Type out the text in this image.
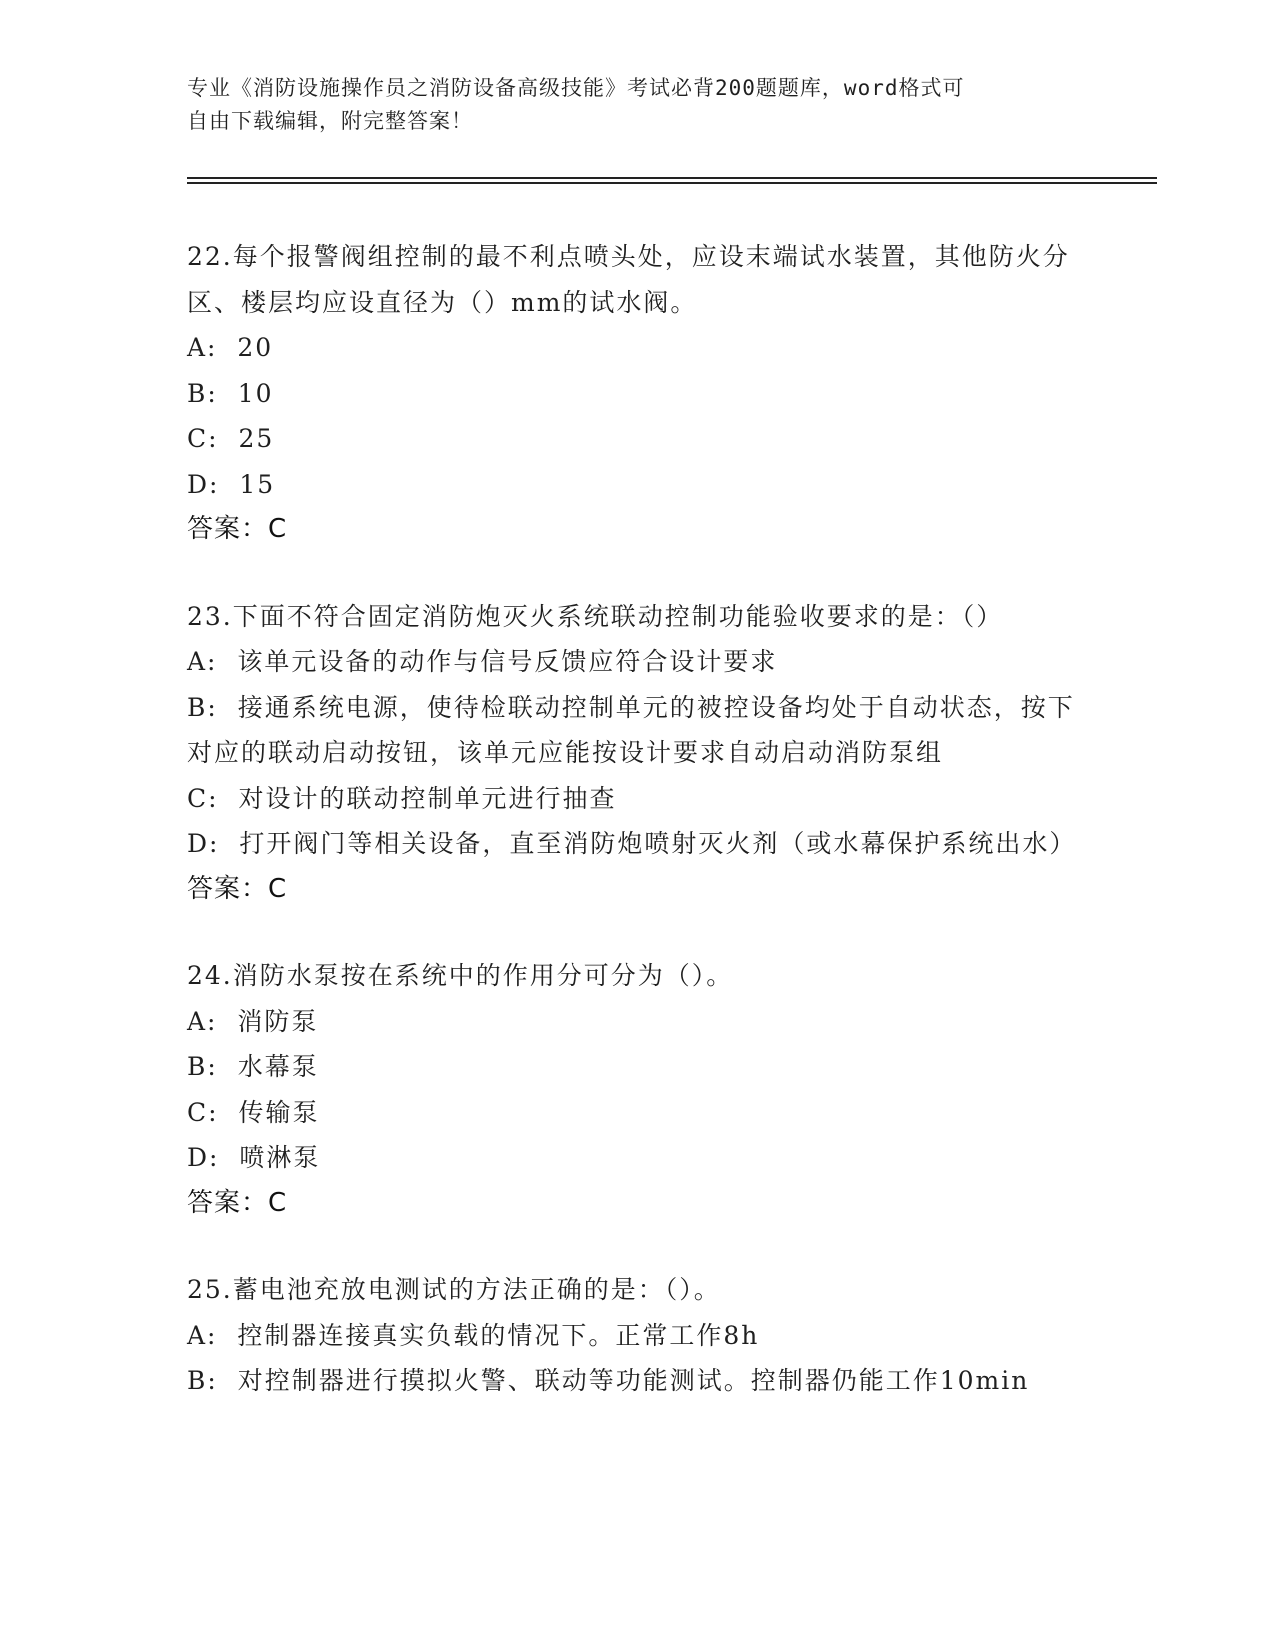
专业《消防设施操作员之消防设备高级技能》考试必背200题题库，word格式可
自由下载编辑，附完整答案！
22.每个报警阀组控制的最不利点喷头处，应设末端试水装置，其他防火分区、楼层均应设直径为（）mm的试水阀。
A:  20
B:  10
C:  25
D:  15
答案：C
23.下面不符合固定消防炮灭火系统联动控制功能验收要求的是：（）
A:  该单元设备的动作与信号反馈应符合设计要求
B:  接通系统电源，使待检联动控制单元的被控设备均处于自动状态，按下对应的联动启动按钮，该单元应能按设计要求自动启动消防泵组
C:  对设计的联动控制单元进行抽查
D:  打开阀门等相关设备，直至消防炮喷射灭火剂（或水幕保护系统出水）
答案：C
24.消防水泵按在系统中的作用分可分为（）。
A:  消防泵
B:  水幕泵
C:  传输泵
D:  喷淋泵
答案：C
25.蓄电池充放电测试的方法正确的是：（）。
A:  控制器连接真实负载的情况下。正常工作8h
B:  对控制器进行摸拟火警、联动等功能测试。控制器仍能工作10min
